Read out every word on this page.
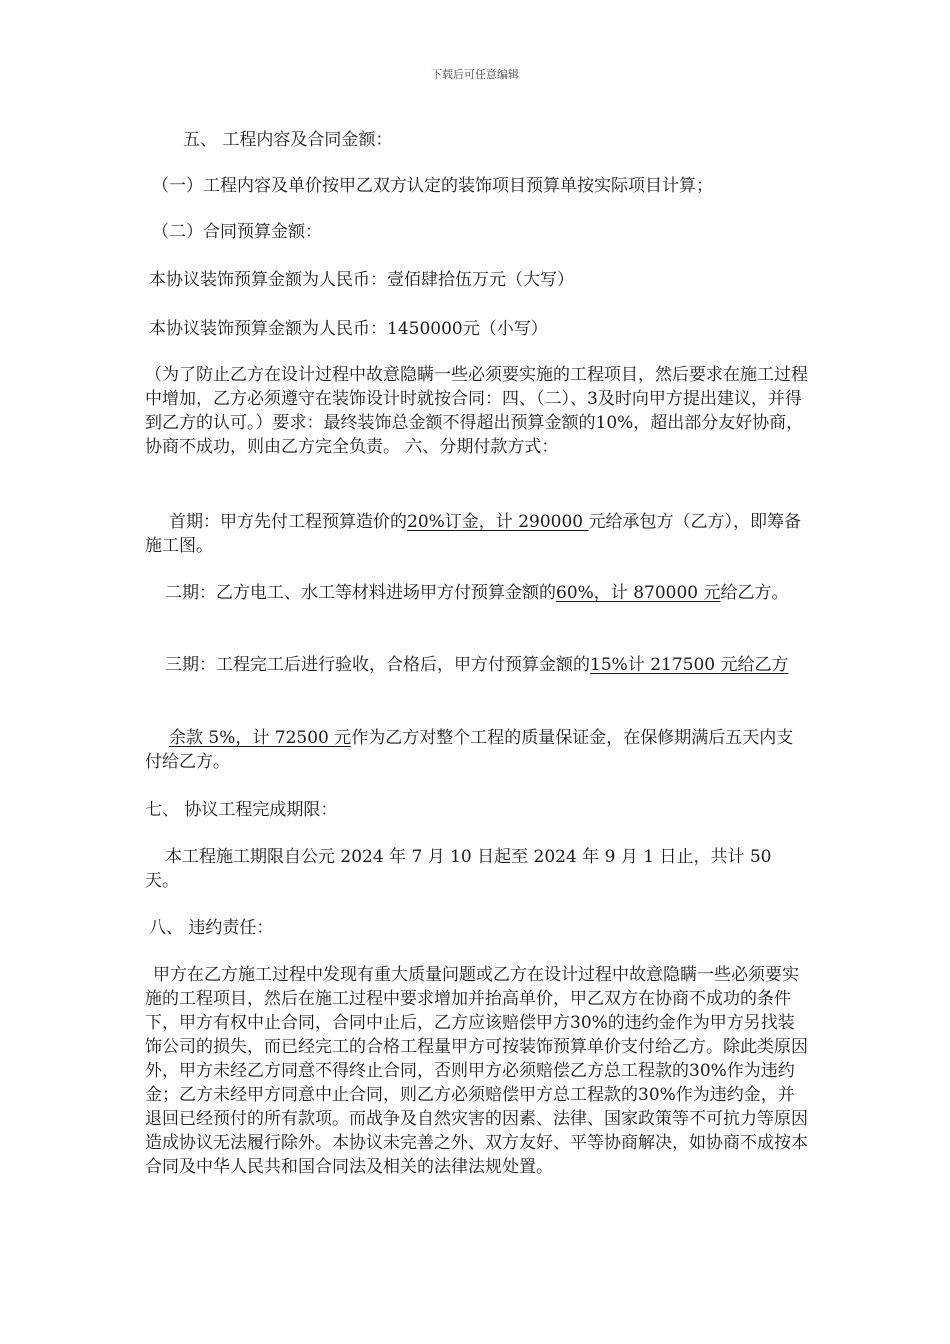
下载后可任意编辑

五、 工程内容及合同金额：

（一）工程内容及单价按甲乙双方认定的装饰项目预算单按实际项目计算；

（二）合同预算金额：

本协议装饰预算金额为人民币：壹佰肆拾伍万元（大写）

本协议装饰预算金额为人民币：1450000元（小写）

（为了防止乙方在设计过程中故意隐瞒一些必须要实施的工程项目，然后要求在施工过程中增加，乙方必须遵守在装饰设计时就按合同：四、（二）、3及时向甲方提出建议，并得到乙方的认可。）要求：最终装饰总金额不得超出预算金额的10%，超出部分友好协商，协商不成功，则由乙方完全负责。 六、分期付款方式：

首期：甲方先付工程预算造价的20%订金，计 290000 元给承包方（乙方），即筹备施工图。

二期：乙方电工、水工等材料进场甲方付预算金额的60%，计 870000 元给乙方。

三期：工程完工后进行验收，合格后，甲方付预算金额的15%计 217500 元给乙方

余款 5%，计 72500 元作为乙方对整个工程的质量保证金，在保修期满后五天内支付给乙方。

七、 协议工程完成期限：

本工程施工期限自公元 2024 年 7 月 10 日起至 2024 年 9 月 1 日止，共计 50 天。

八、 违约责任：

甲方在乙方施工过程中发现有重大质量问题或乙方在设计过程中故意隐瞒一些必须要实施的工程项目，然后在施工过程中要求增加并抬高单价，甲乙双方在协商不成功的条件下，甲方有权中止合同，合同中止后，乙方应该赔偿甲方30%的违约金作为甲方另找装饰公司的损失，而已经完工的合格工程量甲方可按装饰预算单价支付给乙方。除此类原因外，甲方未经乙方同意不得终止合同，否则甲方必须赔偿乙方总工程款的30%作为违约金；乙方未经甲方同意中止合同，则乙方必须赔偿甲方总工程款的30%作为违约金，并退回已经预付的所有款项。而战争及自然灾害的因素、法律、国家政策等不可抗力等原因造成协议无法履行除外。本协议未完善之外、双方友好、平等协商解决，如协商不成按本合同及中华人民共和国合同法及相关的法律法规处置。
